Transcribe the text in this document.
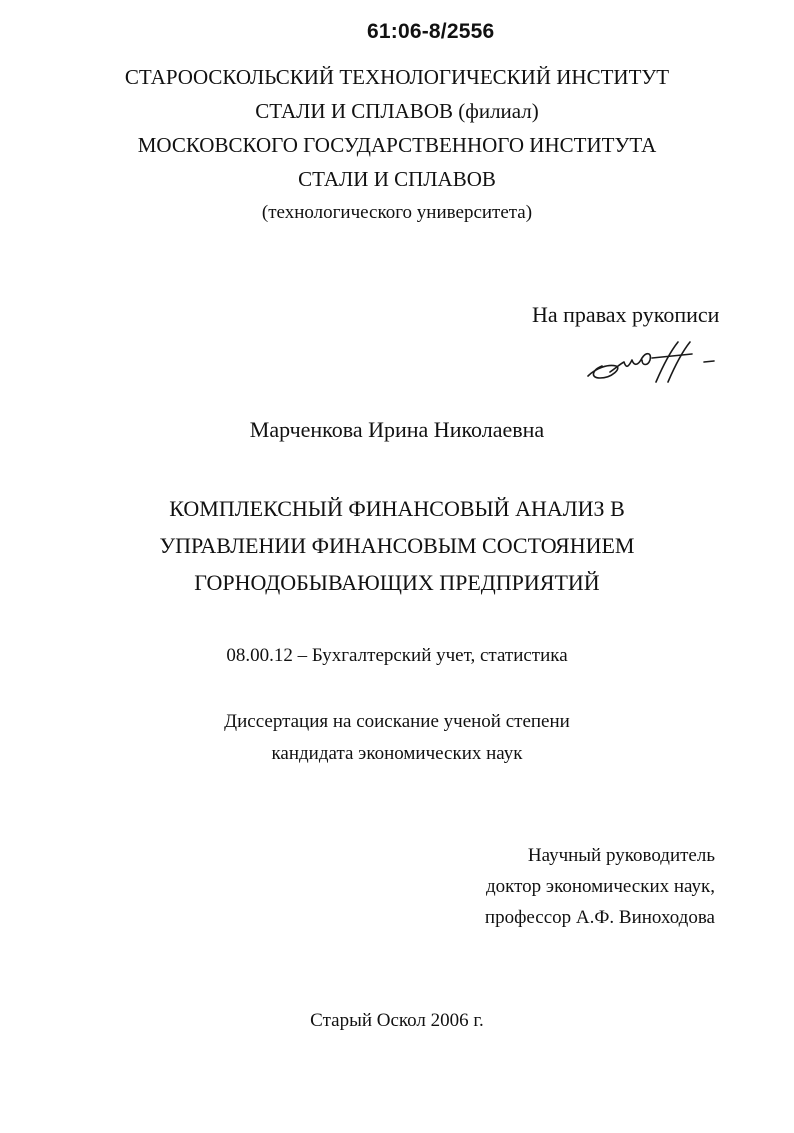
61:06-8/2556
СТАРООСКОЛЬСКИЙ ТЕХНОЛОГИЧЕСКИЙ ИНСТИТУТ
СТАЛИ И СПЛАВОВ (филиал)
МОСКОВСКОГО ГОСУДАРСТВЕННОГО ИНСТИТУТА
СТАЛИ И СПЛАВОВ
(технологического университета)
На правах рукописи
Марченкова Ирина Николаевна
КОМПЛЕКСНЫЙ ФИНАНСОВЫЙ АНАЛИЗ В
УПРАВЛЕНИИ ФИНАНСОВЫМ СОСТОЯНИЕМ
ГОРНОДОБЫВАЮЩИХ ПРЕДПРИЯТИЙ
08.00.12 – Бухгалтерский учет, статистика
Диссертация на соискание ученой степени
кандидата экономических наук
Научный руководитель
доктор экономических наук,
профессор А.Ф. Виноходова
Старый Оскол 2006 г.
